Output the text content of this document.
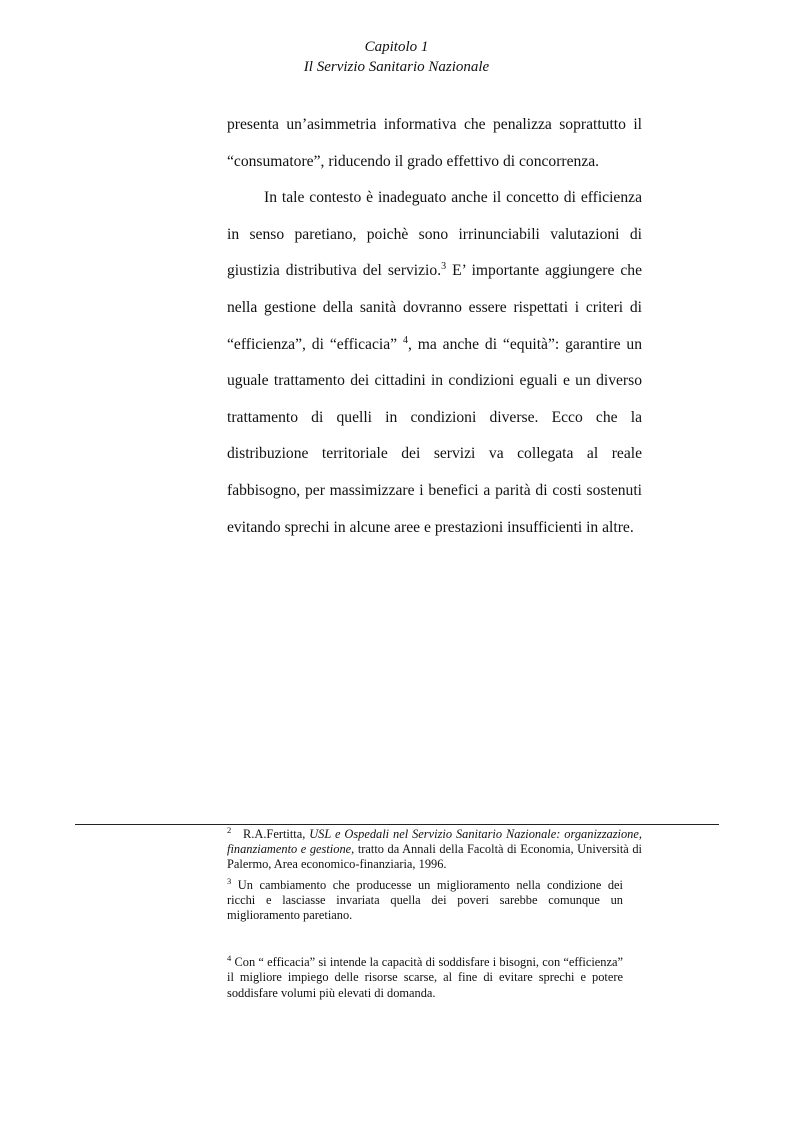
Capitolo 1
Il Servizio Sanitario Nazionale

presenta un’asimmetria informativa che penalizza soprattutto il “consumatore”, riducendo il grado effettivo di concorrenza.

In tale contesto è inadeguato anche il concetto di efficienza in senso paretiano, poichè sono irrinunciabili valutazioni di giustizia distributiva del servizio.$^3$ E’ importante aggiungere che nella gestione della sanità dovranno essere rispettati i criteri di “efficienza”, di “efficacia” $^4$, ma anche di “equità”: garantire un uguale trattamento dei cittadini in condizioni eguali e un diverso trattamento di quelli in condizioni diverse. Ecco che la distribuzione territoriale dei servizi va collegata al reale fabbisogno, per massimizzare i benefici a parità di costi sostenuti evitando sprechi in alcune aree e prestazioni insufficienti in altre.

$^2$ R.A.Fertitta, USL e Ospedali nel Servizio Sanitario Nazionale: organizzazione, finanziamento e gestione, tratto da Annali della Facoltà di Economia, Università di Palermo, Area economico-finanziaria, 1996.

$^3$ Un cambiamento che producesse un miglioramento nella condizione dei ricchi e lasciasse invariata quella dei poveri sarebbe comunque un miglioramento paretiano.

$^4$ Con “ efficacia” si intende la capacità di soddisfare i bisogni, con “efficienza” il migliore impiego delle risorse scarse, al fine di evitare sprechi e potere soddisfare volumi più elevati di domanda.
